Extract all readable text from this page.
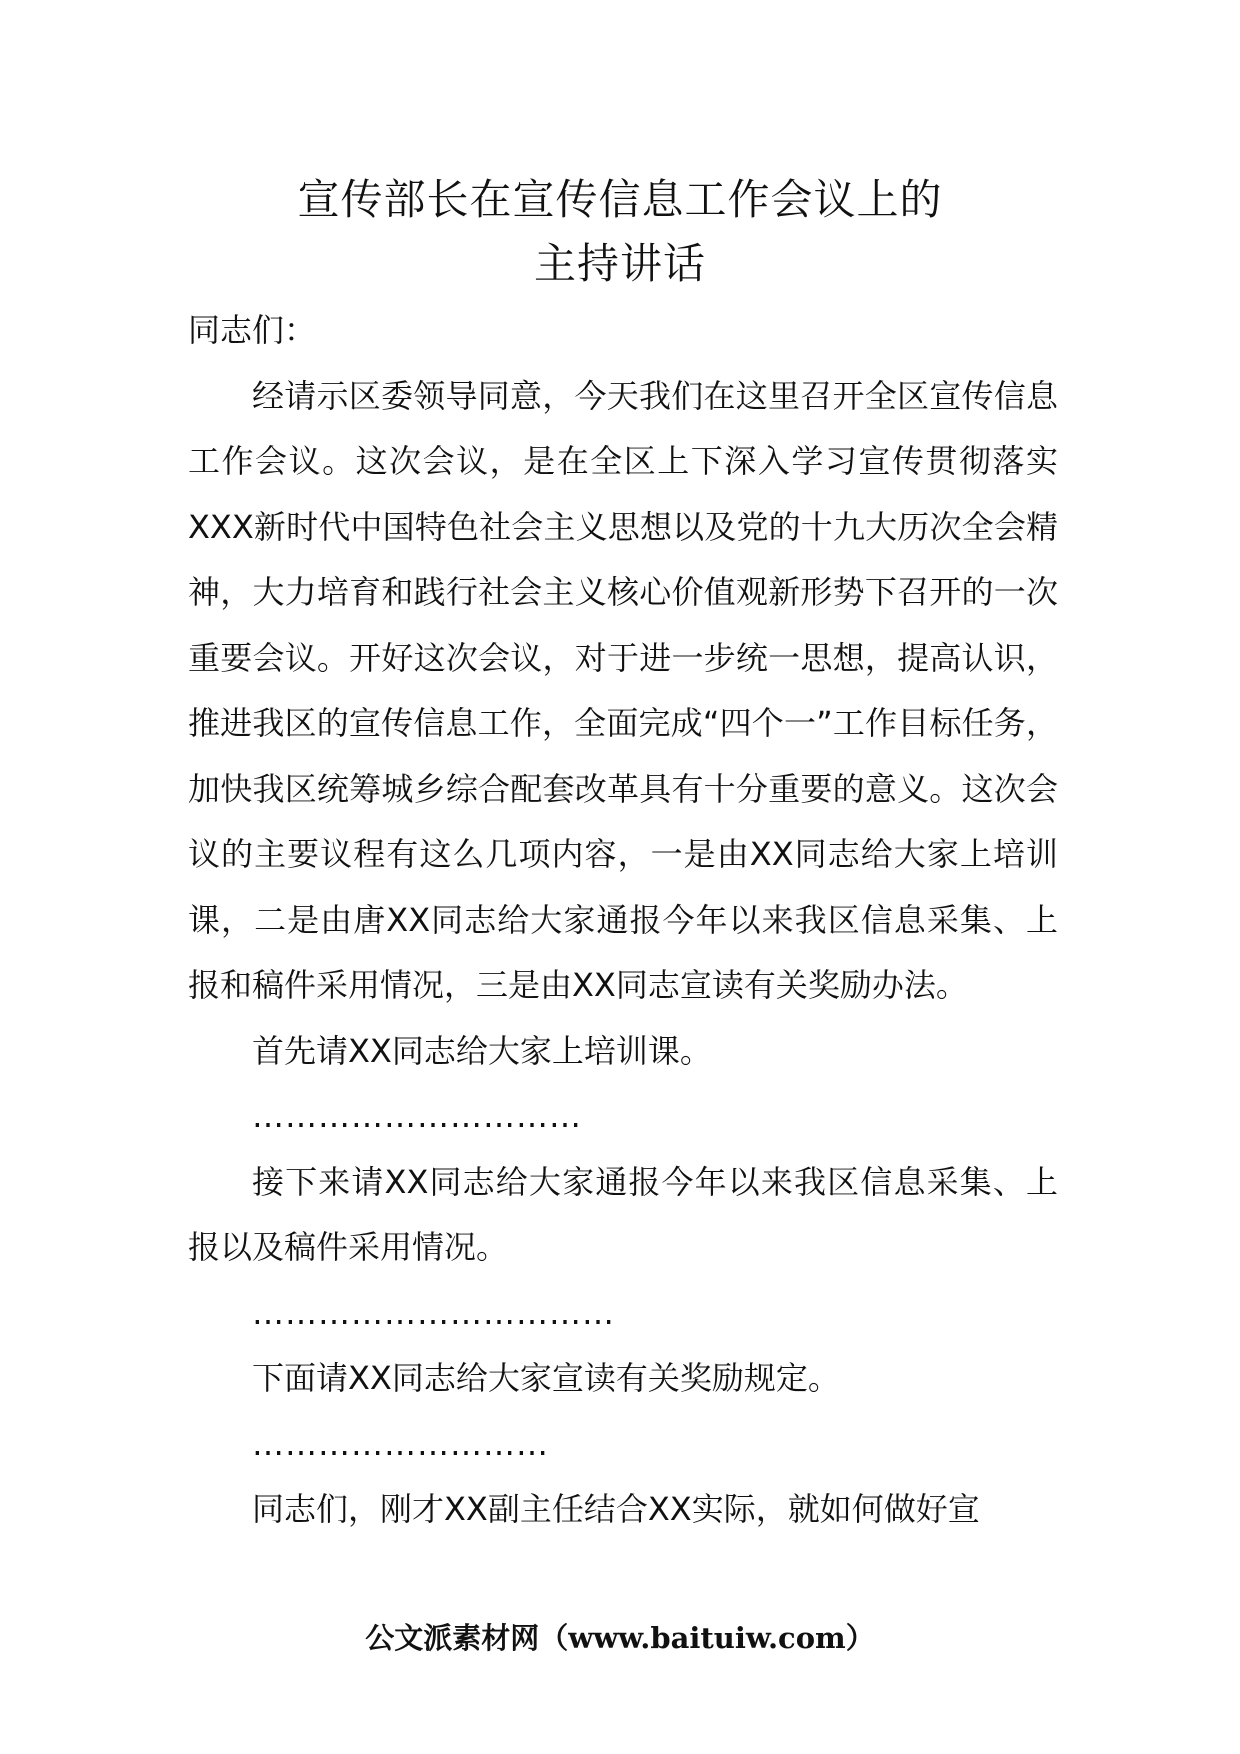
宣传部长在宣传信息工作会议上的
主持讲话

同志们：

经请示区委领导同意，今天我们在这里召开全区宣传信息工作会议。这次会议，是在全区上下深入学习宣传贯彻落实XXX新时代中国特色社会主义思想以及党的十九大历次全会精神，大力培育和践行社会主义核心价值观新形势下召开的一次重要会议。开好这次会议，对于进一步统一思想，提高认识，推进我区的宣传信息工作，全面完成“四个一”工作目标任务，加快我区统筹城乡综合配套改革具有十分重要的意义。这次会议的主要议程有这么几项内容，一是由XX同志给大家上培训课，二是由唐XX同志给大家通报今年以来我区信息采集、上报和稿件采用情况，三是由XX同志宣读有关奖励办法。

首先请XX同志给大家上培训课。

…………………………

接下来请XX同志给大家通报今年以来我区信息采集、上报以及稿件采用情况。

……………………………

下面请XX同志给大家宣读有关奖励规定。

………………………

同志们，刚才XX副主任结合XX实际，就如何做好宣

公文派素材网（www.baituiw.com）
